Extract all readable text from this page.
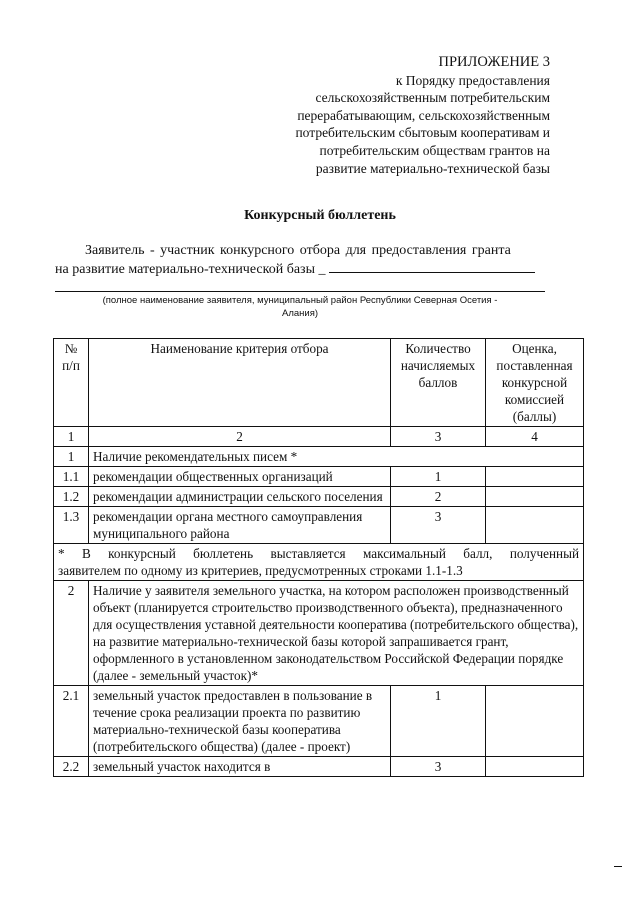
ПРИЛОЖЕНИЕ 3
к Порядку предоставления
сельскохозяйственным потребительским
перерабатывающим, сельскохозяйственным
потребительским сбытовым кооперативам и
потребительским обществам грантов на
развитие материально-технической базы
Конкурсный бюллетень
Заявитель - участник конкурсного отбора для предоставления гранта
на развитие материально-технической базы _
(полное наименование заявителя, муниципальный район Республики Северная Осетия -
Алания)
№ п/п	Наименование критерия отбора	Количество начисляемых баллов	Оценка, поставленная конкурсной комиссией (баллы)
1	2	3	4
1	Наличие рекомендательных писем *		
1.1	рекомендации общественных организаций	1	
1.2	рекомендации администрации сельского поселения	2	
1.3	рекомендации органа местного самоуправления муниципального района	3	

* В конкурсный бюллетень выставляется максимальный балл, полученный
заявителем по одному из критериев, предусмотренных строками 1.1-1.3			

2	Наличие у заявителя земельного участка, на котором расположен производственный объект (планируется строительство производственного объекта), предназначенного для осуществления уставной деятельности кооператива (потребительского общества), на развитие материально-технической базы которой запрашивается грант, оформленного в установленном законодательством Российской Федерации порядке (далее - земельный участок)*		
2.1	земельный участок предоставлен в пользование в течение срока реализации проекта по развитию материально-технической базы кооператива (потребительского общества) (далее - проект)	1	
2.2	земельный участок находится в	3	
